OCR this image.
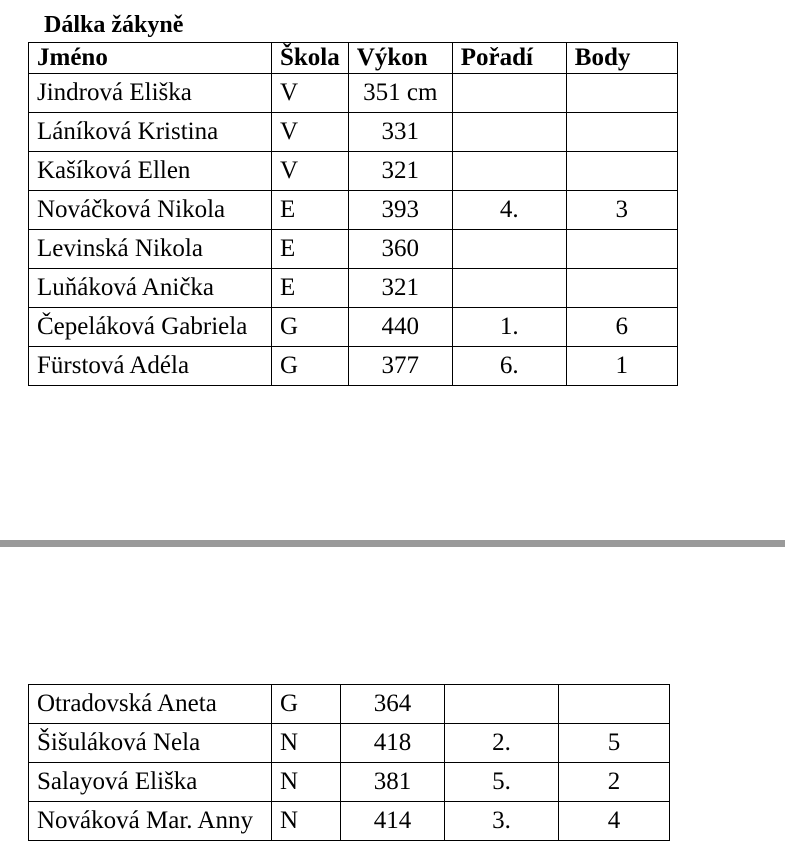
Dálka žákyně
Jméno	Škola	Výkon	Pořadí	Body
Jindrová Eliška	V	351 cm		
Láníková Kristina	V	331		
Kašíková Ellen	V	321		
Nováčková Nikola	E	393	4.	3
Levinská Nikola	E	360		
Luňáková Anička	E	321		
Čepeláková Gabriela	G	440	1.	6
Fürstová Adéla	G	377	6.	1
Otradovská Aneta	G	364		
Šišuláková Nela	N	418	2.	5
Salayová Eliška	N	381	5.	2
Nováková Mar. Anny	N	414	3.	4
